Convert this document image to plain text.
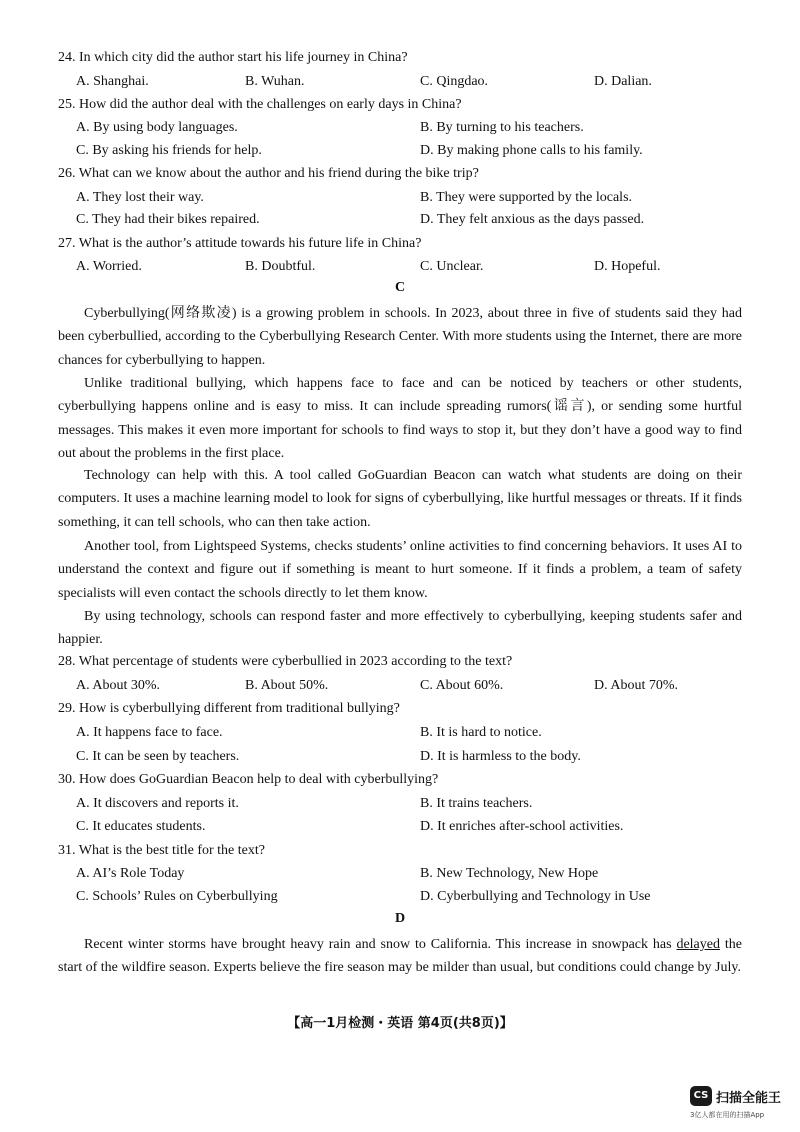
24. In which city did the author start his life journey in China?
A. Shanghai.	B. Wuhan.	C. Qingdao.	D. Dalian.
25. How did the author deal with the challenges on early days in China?
A. By using body languages.	B. By turning to his teachers.
C. By asking his friends for help.	D. By making phone calls to his family.
26. What can we know about the author and his friend during the bike trip?
A. They lost their way.	B. They were supported by the locals.
C. They had their bikes repaired.	D. They felt anxious as the days passed.
27. What is the author’s attitude towards his future life in China?
A. Worried.	B. Doubtful.	C. Unclear.	D. Hopeful.
C
Cyberbullying(网络欺凌) is a growing problem in schools. In 2023, about three in five of students said they had been cyberbullied, according to the Cyberbullying Research Center. With more students using the Internet, there are more chances for cyberbullying to happen.
Unlike traditional bullying, which happens face to face and can be noticed by teachers or other students, cyberbullying happens online and is easy to miss. It can include spreading rumors(谣言), or sending some hurtful messages. This makes it even more important for schools to find ways to stop it, but they don’t have a good way to find out about the problems in the first place.
Technology can help with this. A tool called GoGuardian Beacon can watch what students are doing on their computers. It uses a machine learning model to look for signs of cyberbullying, like hurtful messages or threats. If it finds something, it can tell schools, who can then take action.
Another tool, from Lightspeed Systems, checks students’ online activities to find concerning behaviors. It uses AI to understand the context and figure out if something is meant to hurt someone. If it finds a problem, a team of safety specialists will even contact the schools directly to let them know.
By using technology, schools can respond faster and more effectively to cyberbullying, keeping students safer and happier.
28. What percentage of students were cyberbullied in 2023 according to the text?
A. About 30%.	B. About 50%.	C. About 60%.	D. About 70%.
29. How is cyberbullying different from traditional bullying?
A. It happens face to face.	B. It is hard to notice.
C. It can be seen by teachers.	D. It is harmless to the body.
30. How does GoGuardian Beacon help to deal with cyberbullying?
A. It discovers and reports it.	B. It trains teachers.
C. It educates students.	D. It enriches after-school activities.
31. What is the best title for the text?
A. AI’s Role Today	B. New Technology, New Hope
C. Schools’ Rules on Cyberbullying	D. Cyberbullying and Technology in Use
D
Recent winter storms have brought heavy rain and snow to California. This increase in snowpack has delayed the start of the wildfire season. Experts believe the fire season may be milder than usual, but conditions could change by July.
【高一1月检测・英语 第4页(共8页)】
CS 扫描全能王
3亿人都在用的扫描App
